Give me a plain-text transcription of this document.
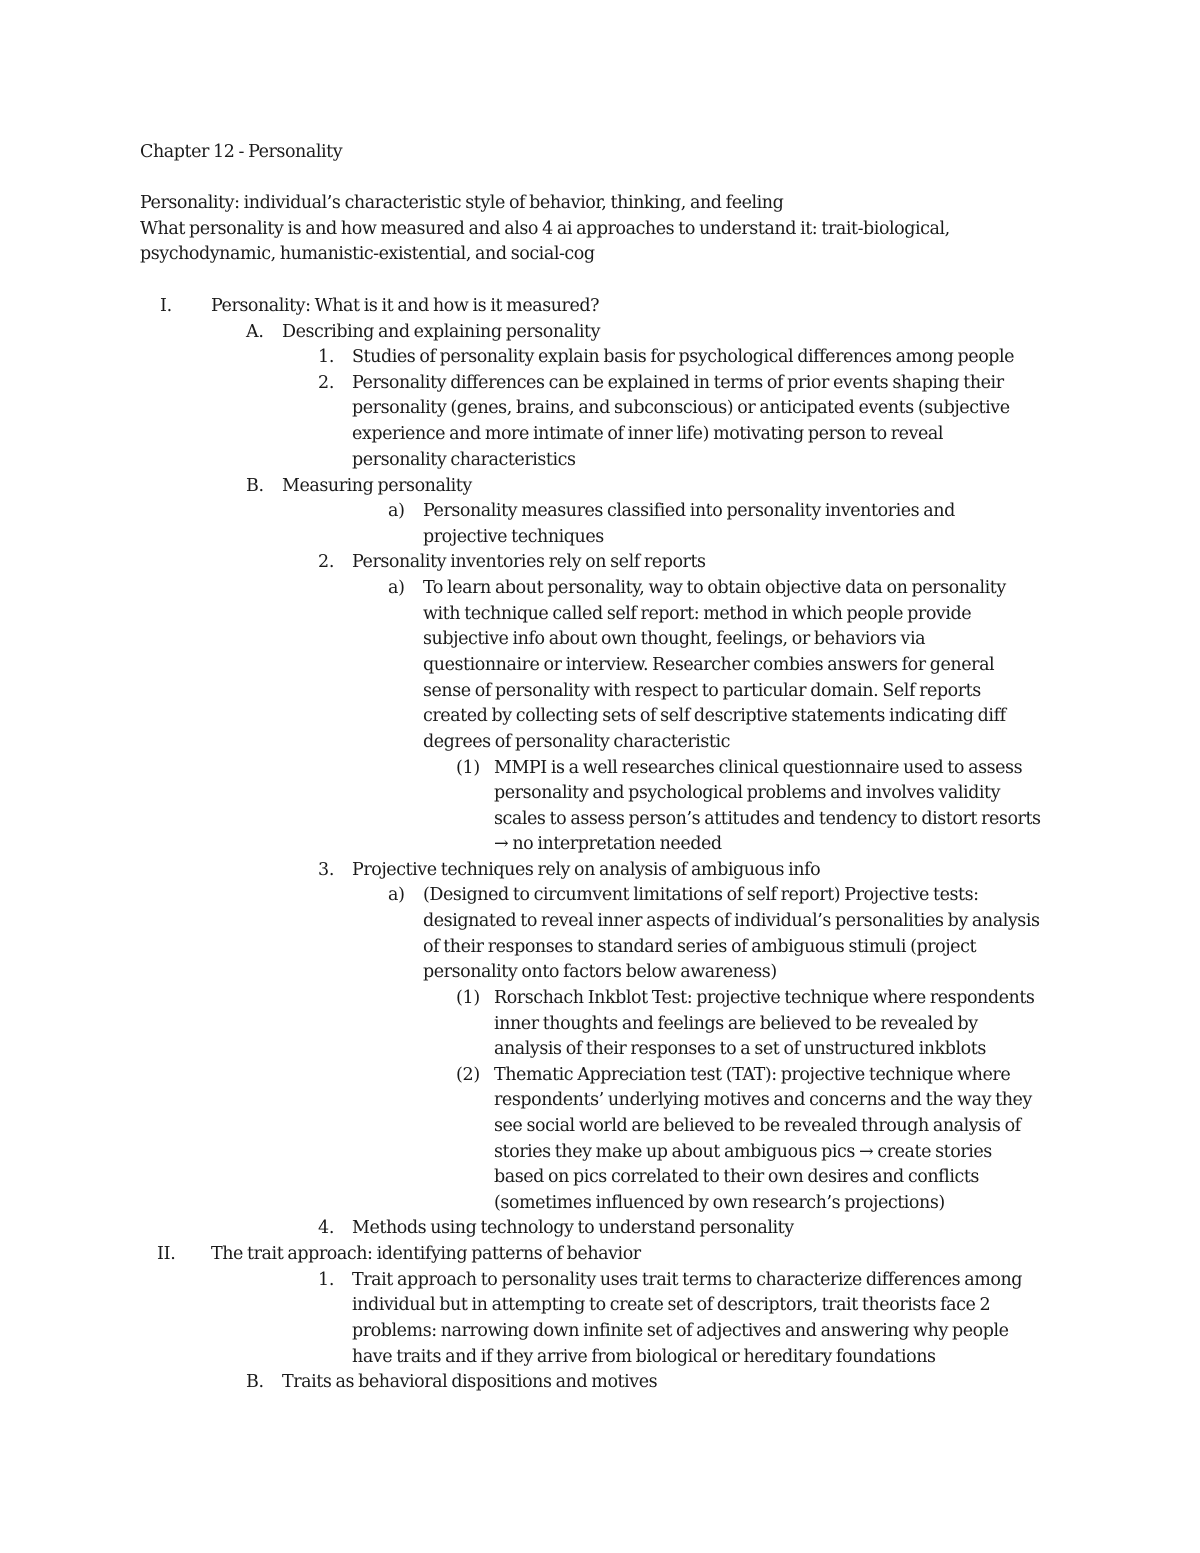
Chapter 12 - Personality
Personality: individual’s characteristic style of behavior, thinking, and feeling
What personality is and how measured and also 4 ai approaches to understand it: trait-biological,
psychodynamic, humanistic-existential, and social-cog
I. Personality: What is it and how is it measured?
A. Describing and explaining personality
1. Studies of personality explain basis for psychological differences among people
2. Personality differences can be explained in terms of prior events shaping their
personality (genes, brains, and subconscious) or anticipated events (subjective
experience and more intimate of inner life) motivating person to reveal
personality characteristics
B. Measuring personality
a) Personality measures classified into personality inventories and
projective techniques
2. Personality inventories rely on self reports
a) To learn about personality, way to obtain objective data on personality
with technique called self report: method in which people provide
subjective info about own thought, feelings, or behaviors via
questionnaire or interview. Researcher combies answers for general
sense of personality with respect to particular domain. Self reports
created by collecting sets of self descriptive statements indicating diff
degrees of personality characteristic
(1) MMPI is a well researches clinical questionnaire used to assess
personality and psychological problems and involves validity
scales to assess person’s attitudes and tendency to distort resorts
→ no interpretation needed
3. Projective techniques rely on analysis of ambiguous info
a) (Designed to circumvent limitations of self report) Projective tests:
designated to reveal inner aspects of individual’s personalities by analysis
of their responses to standard series of ambiguous stimuli (project
personality onto factors below awareness)
(1) Rorschach Inkblot Test: projective technique where respondents
inner thoughts and feelings are believed to be revealed by
analysis of their responses to a set of unstructured inkblots
(2) Thematic Appreciation test (TAT): projective technique where
respondents’ underlying motives and concerns and the way they
see social world are believed to be revealed through analysis of
stories they make up about ambiguous pics → create stories
based on pics correlated to their own desires and conflicts
(sometimes influenced by own research’s projections)
4. Methods using technology to understand personality
II. The trait approach: identifying patterns of behavior
1. Trait approach to personality uses trait terms to characterize differences among
individual but in attempting to create set of descriptors, trait theorists face 2
problems: narrowing down infinite set of adjectives and answering why people
have traits and if they arrive from biological or hereditary foundations
B. Traits as behavioral dispositions and motives
